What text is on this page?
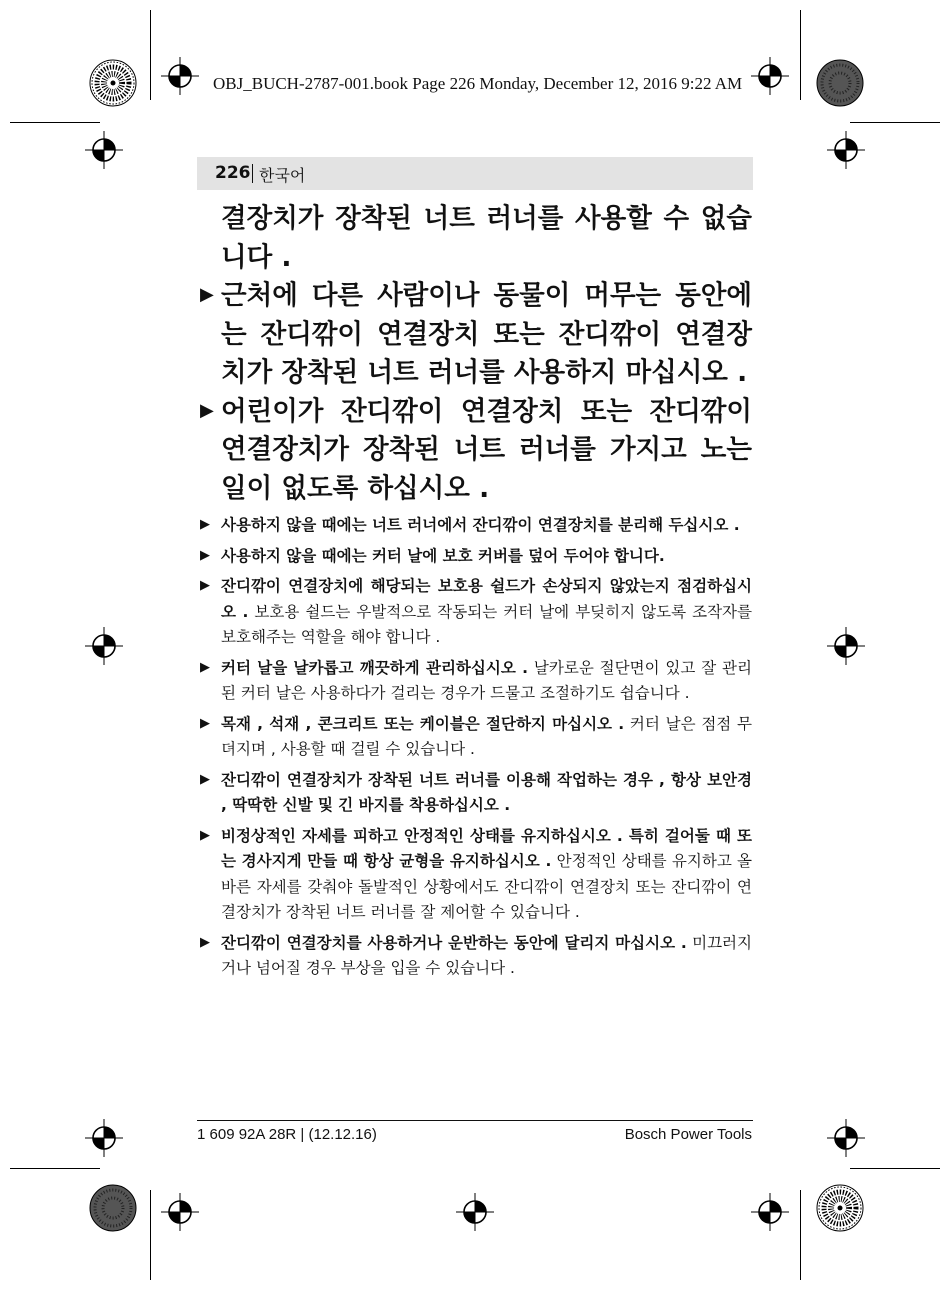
OBJ_BUCH-2787-001.book Page 226 Monday, December 12, 2016 9:22 AM
226 한국어
결장치가 장착된 너트 러너를 사용할 수 없습니다 .
▶ 근처에 다른 사람이나 동물이 머무는 동안에는 잔디깎이 연결장치 또는 잔디깎이 연결장치가 장착된 너트 러너를 사용하지 마십시오 .
▶ 어린이가 잔디깎이 연결장치 또는 잔디깎이 연결장치가 장착된 너트 러너를 가지고 노는 일이 없도록 하십시오 .
▶ 사용하지 않을 때에는 너트 러너에서 잔디깎이 연결장치를 분리해 두십시오 .
▶ 사용하지 않을 때에는 커터 날에 보호 커버를 덮어 두어야 합니다.
▶ 잔디깎이 연결장치에 해당되는 보호용 쉴드가 손상되지 않았는지 점검하십시오 . 보호용 쉴드는 우발적으로 작동되는 커터 날에 부딪히지 않도록 조작자를 보호해주는 역할을 해야 합니다 .
▶ 커터 날을 날카롭고 깨끗하게 관리하십시오 . 날카로운 절단면이 있고 잘 관리된 커터 날은 사용하다가 걸리는 경우가 드물고 조절하기도 쉽습니다 .
▶ 목재 , 석재 , 콘크리트 또는 케이블은 절단하지 마십시오 . 커터 날은 점점 무뎌지며 , 사용할 때 걸릴 수 있습니다 .
▶ 잔디깎이 연결장치가 장착된 너트 러너를 이용해 작업하는 경우 , 항상 보안경 , 딱딱한 신발 및 긴 바지를 착용하십시오 .
▶ 비정상적인 자세를 피하고 안정적인 상태를 유지하십시오 . 특히 걸어둘 때 또는 경사지게 만들 때 항상 균형을 유지하십시오 . 안정적인 상태를 유지하고 올바른 자세를 갖춰야 돌발적인 상황에서도 잔디깎이 연결장치 또는 잔디깎이 연결장치가 장착된 너트 러너를 잘 제어할 수 있습니다 .
▶ 잔디깎이 연결장치를 사용하거나 운반하는 동안에 달리지 마십시오 . 미끄러지거나 넘어질 경우 부상을 입을 수 있습니다 .
1 609 92A 28R | (12.12.16)	Bosch Power Tools
